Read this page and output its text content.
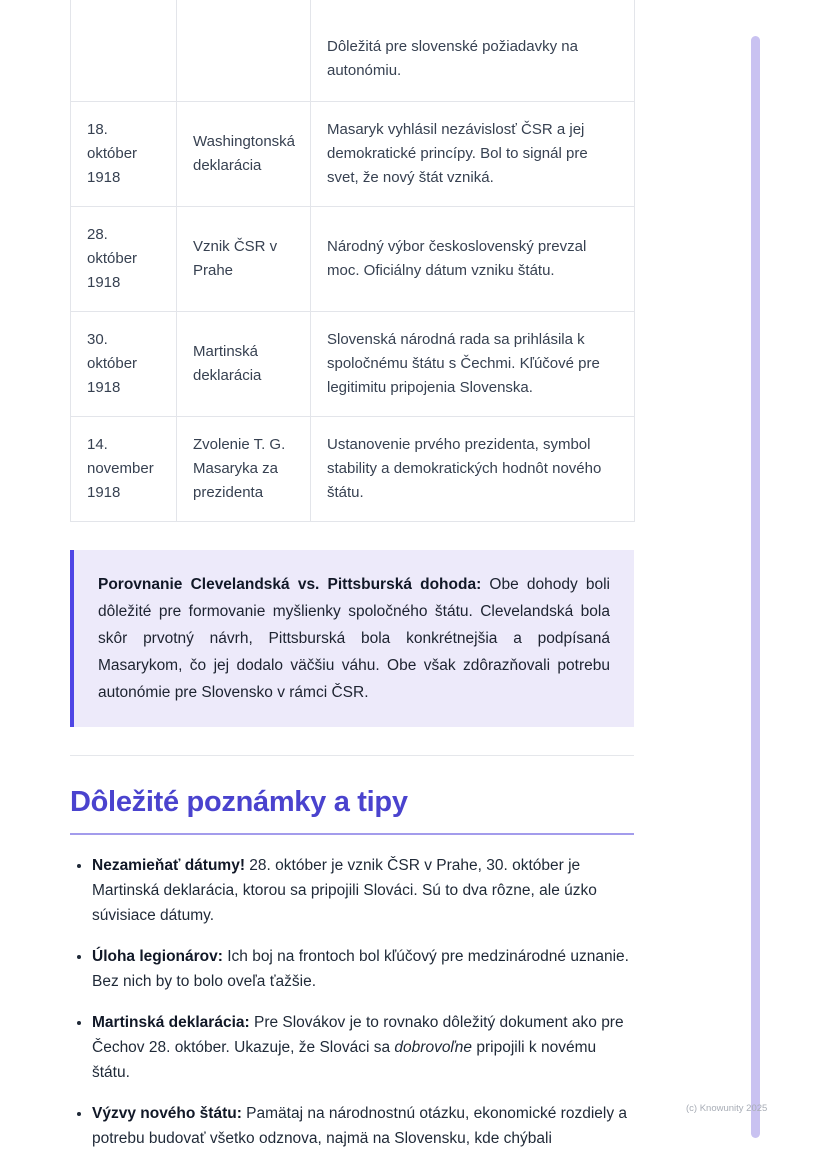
		Dôležitá pre slovenské požiadavky na autonómiu.
18. október 1918	Washingtonská deklarácia	Masaryk vyhlásil nezávislosť ČSR a jej demokratické princípy. Bol to signál pre svet, že nový štát vzniká.
28. október 1918	Vznik ČSR v Prahe	Národný výbor československý prevzal moc. Oficiálny dátum vzniku štátu.
30. október 1918	Martinská deklarácia	Slovenská národná rada sa prihlásila k spoločnému štátu s Čechmi. Kľúčové pre legitimitu pripojenia Slovenska.
14. november 1918	Zvolenie T. G. Masaryka za prezidenta	Ustanovenie prvého prezidenta, symbol stability a demokratických hodnôt nového štátu.
Porovnanie Clevelandská vs. Pittsburská dohoda: Obe dohody boli dôležité pre formovanie myšlienky spoločného štátu. Clevelandská bola skôr prvotný návrh, Pittsburská bola konkrétnejšia a podpísaná Masarykom, čo jej dodalo väčšiu váhu. Obe však zdôrazňovali potrebu autonómie pre Slovensko v rámci ČSR.
Dôležité poznámky a tipy
• Nezamieňať dátumy! 28. október je vznik ČSR v Prahe, 30. október je Martinská deklarácia, ktorou sa pripojili Slováci. Sú to dva rôzne, ale úzko súvisiace dátumy.
• Úloha legionárov: Ich boj na frontoch bol kľúčový pre medzinárodné uznanie. Bez nich by to bolo oveľa ťažšie.
• Martinská deklarácia: Pre Slovákov je to rovnako dôležitý dokument ako pre Čechov 28. október. Ukazuje, že Slováci sa dobrovoľne pripojili k novému štátu.
• Výzvy nového štátu: Pamätaj na národnostnú otázku, ekonomické rozdiely a potrebu budovať všetko odznova, najmä na Slovensku, kde chýbali
(c) Knowunity 2025
